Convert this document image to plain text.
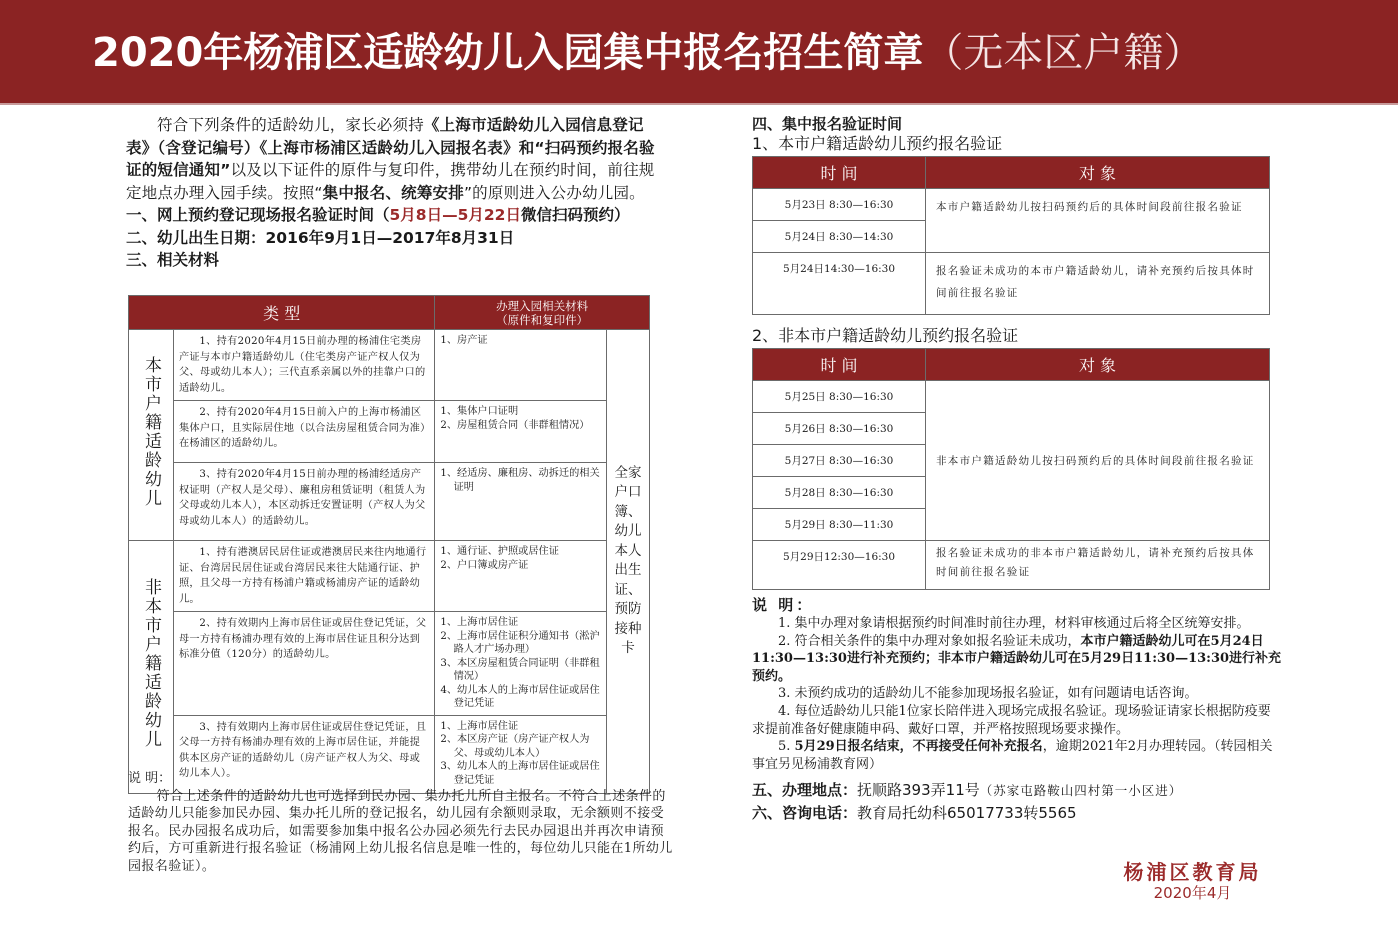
2020年杨浦区适龄幼儿入园集中报名招生简章（无本区户籍）

符合下列条件的适龄幼儿，家长必须持《上海市适龄幼儿入园信息登记表》（含登记编号）《上海市杨浦区适龄幼儿入园报名表》和“扫码预约报名验证的短信通知”以及以下证件的原件与复印件，携带幼儿在预约时间，前往规定地点办理入园手续。按照“集中报名、统筹安排”的原则进入公办幼儿园。

一、网上预约登记现场报名验证时间（5月8日—5月22日微信扫码预约）
二、幼儿出生日期：2016年9月1日—2017年8月31日
三、相关材料
类 型		办理入园相关材料
（原件和复印件）	

本市户籍适龄幼儿	1、持有2020年4月15日前办理的杨浦住宅类房产证与本市户籍适龄幼儿（住宅类房产证产权人仅为父、母或幼儿本人）；三代直系亲属以外的挂靠户口的适龄幼儿。	1、房产证	全家户口簿、幼儿本人出生证、预防接种卡

	2、持有2020年4月15日前入户的上海市杨浦区集体户口，且实际居住地（以合法房屋租赁合同为准）在杨浦区的适龄幼儿。	1、集体户口证明
2、房屋租赁合同（非群租情况）	

	3、持有2020年4月15日前办理的杨浦经适房产权证明（产权人是父母）、廉租房租赁证明（租赁人为父母或幼儿本人），本区动拆迁安置证明（产权人为父母或幼儿本人）的适龄幼儿。	1、经适房、廉租房、动拆迁的相关证明	

非本市户籍适龄幼儿	1、持有港澳居民居住证或港澳居民来往内地通行证、台湾居民居住证或台湾居民来往大陆通行证、护照，且父母一方持有杨浦户籍或杨浦房产证的适龄幼儿。	1、通行证、护照或居住证
2、户口簿或房产证	

	2、持有效期内上海市居住证或居住登记凭证，父母一方持有杨浦办理有效的上海市居住证且积分达到标准分值（120分）的适龄幼儿。	1、上海市居住证
2、上海市居住证积分通知书（淞沪路人才广场办理）
3、本区房屋租赁合同证明（非群租情况）
4、幼儿本人的上海市居住证或居住登记凭证	

	3、持有效期内上海市居住证或居住登记凭证，且父母一方持有杨浦办理有效的上海市居住证，并能提供本区房产证的适龄幼儿（房产证产权人为父、母或幼儿本人）。	1、上海市居住证
2、本区房产证（房产证产权人为父、母或幼儿本人）
3、幼儿本人的上海市居住证或居住登记凭证	
说 明：
符合上述条件的适龄幼儿也可选择到民办园、集办托儿所自主报名。不符合上述条件的适龄幼儿只能参加民办园、集办托儿所的登记报名，幼儿园有余额则录取，无余额则不接受报名。民办园报名成功后，如需要参加集中报名公办园必须先行去民办园退出并再次申请预约后，方可重新进行报名验证（杨浦网上幼儿报名信息是唯一性的，每位幼儿只能在1所幼儿园报名验证）。
四、集中报名验证时间
1、本市户籍适龄幼儿预约报名验证
时 间	对 象
5月23日 8:30—16:30	本市户籍适龄幼儿按扫码预约后的具体时间段前往报名验证
5月24日 8:30—14:30	
5月24日14:30—16:30	报名验证未成功的本市户籍适龄幼儿，请补充预约后按具体时间前往报名验证
2、非本市户籍适龄幼儿预约报名验证
时 间	对 象
5月25日 8:30—16:30	非本市户籍适龄幼儿按扫码预约后的具体时间段前往报名验证
5月26日 8:30—16:30	
5月27日 8:30—16:30	
5月28日 8:30—16:30	
5月29日 8:30—11:30	
5月29日12:30—16:30	报名验证未成功的非本市户籍适龄幼儿，请补充预约后按具体时间前往报名验证
说 明：
1. 集中办理对象请根据预约时间准时前往办理，材料审核通过后将全区统筹安排。
2. 符合相关条件的集中办理对象如报名验证未成功，本市户籍适龄幼儿可在5月24日11:30—13:30进行补充预约；非本市户籍适龄幼儿可在5月29日11:30—13:30进行补充预约。
3. 未预约成功的适龄幼儿不能参加现场报名验证，如有问题请电话咨询。
4. 每位适龄幼儿只能1位家长陪伴进入现场完成报名验证。现场验证请家长根据防疫要求提前准备好健康随申码、戴好口罩，并严格按照现场要求操作。
5. 5月29日报名结束，不再接受任何补充报名，逾期2021年2月办理转园。（转园相关事宜另见杨浦教育网）
五、办理地点：抚顺路393弄11号（苏家屯路鞍山四村第一小区进）
六、咨询电话：教育局托幼科65017733转5565
杨浦区教育局
2020年4月
